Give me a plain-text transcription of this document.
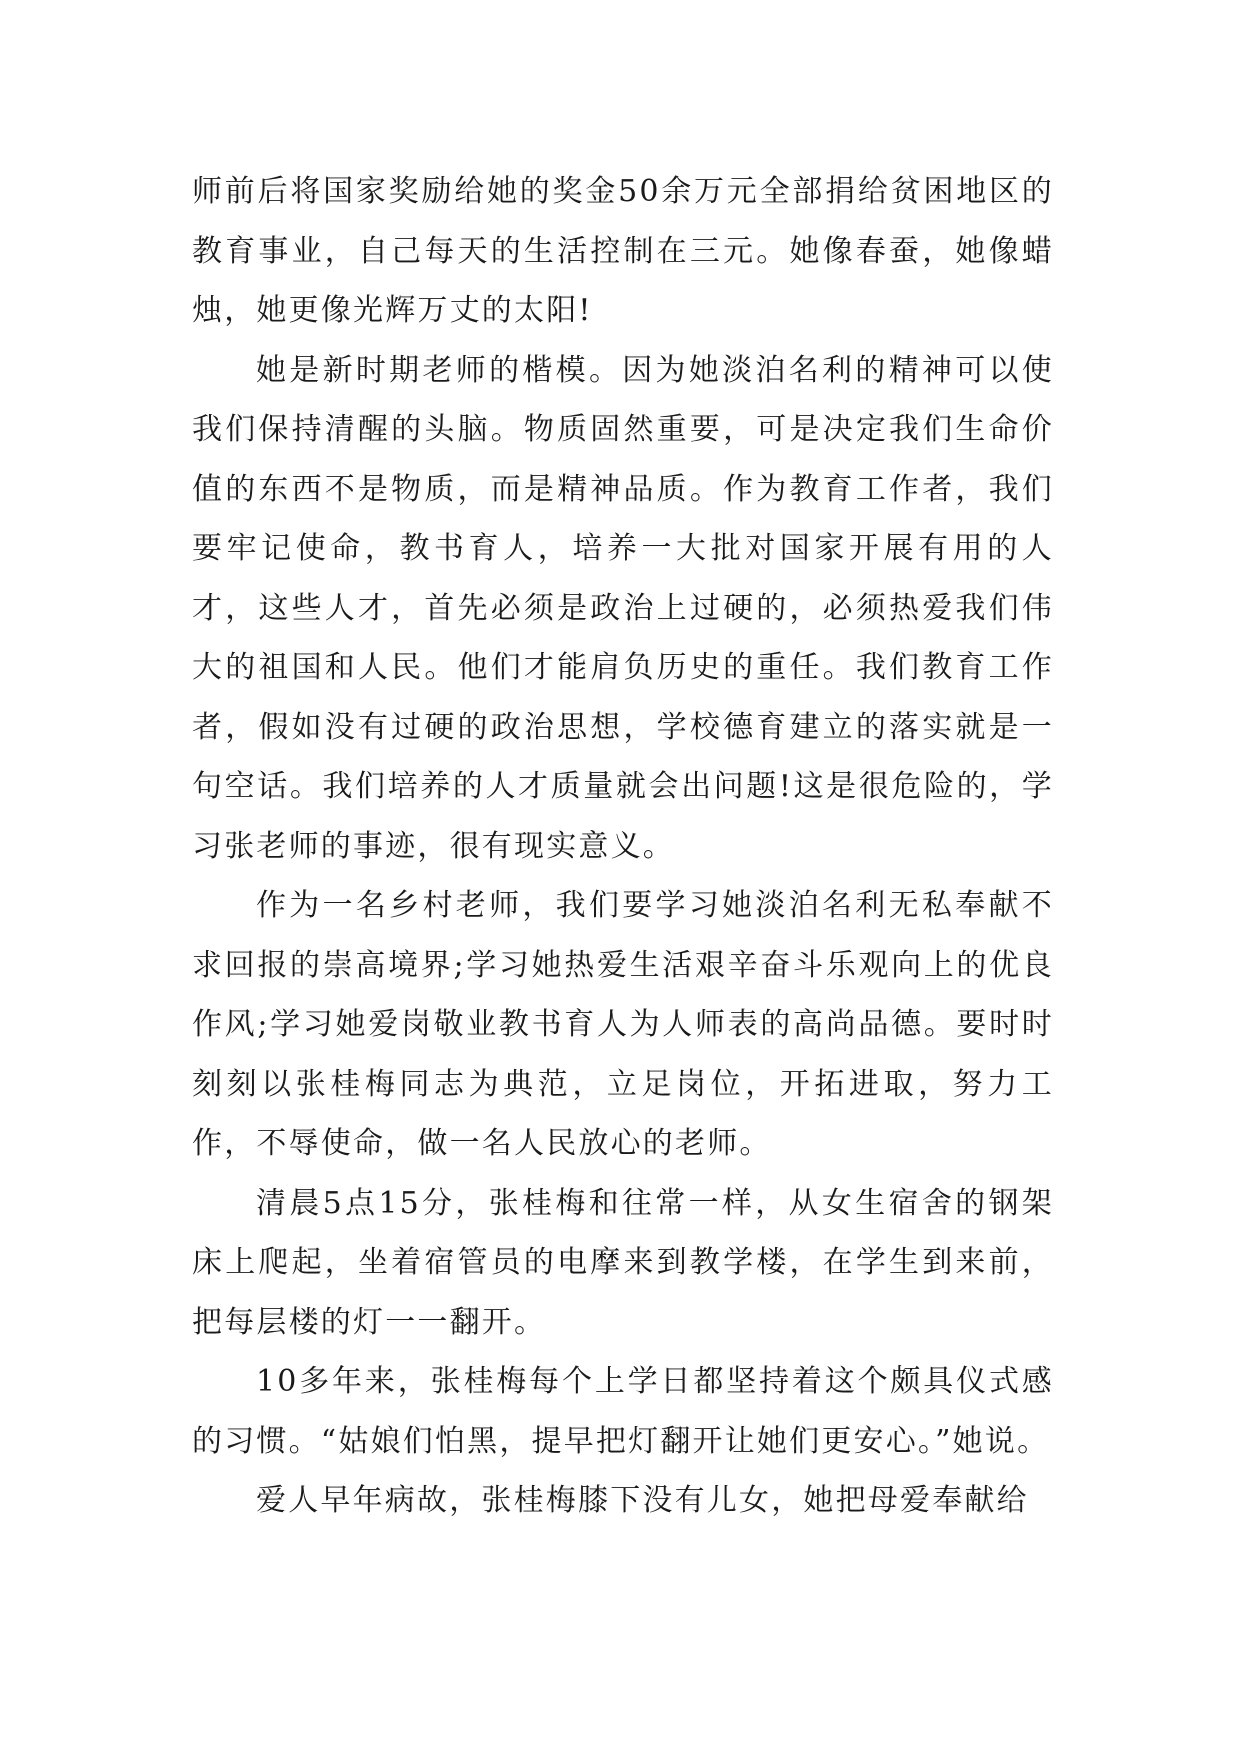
师前后将国家奖励给她的奖金50余万元全部捐给贫困地区的教育事业，自己每天的生活控制在三元。她像春蚕，她像蜡烛，她更像光辉万丈的太阳!

她是新时期老师的楷模。因为她淡泊名利的精神可以使我们保持清醒的头脑。物质固然重要，可是决定我们生命价值的东西不是物质，而是精神品质。作为教育工作者，我们要牢记使命，教书育人，培养一大批对国家开展有用的人才，这些人才，首先必须是政治上过硬的，必须热爱我们伟大的祖国和人民。他们才能肩负历史的重任。我们教育工作者，假如没有过硬的政治思想，学校德育建立的落实就是一句空话。我们培养的人才质量就会出问题!这是很危险的，学习张老师的事迹，很有现实意义。

作为一名乡村老师，我们要学习她淡泊名利无私奉献不求回报的崇高境界;学习她热爱生活艰辛奋斗乐观向上的优良作风;学习她爱岗敬业教书育人为人师表的高尚品德。要时时刻刻以张桂梅同志为典范，立足岗位，开拓进取，努力工作，不辱使命，做一名人民放心的老师。

清晨5点15分，张桂梅和往常一样，从女生宿舍的钢架床上爬起，坐着宿管员的电摩来到教学楼，在学生到来前，把每层楼的灯一一翻开。

10多年来，张桂梅每个上学日都坚持着这个颇具仪式感的习惯。“姑娘们怕黑，提早把灯翻开让她们更安心。”她说。

爱人早年病故，张桂梅膝下没有儿女，她把母爱奉献给
